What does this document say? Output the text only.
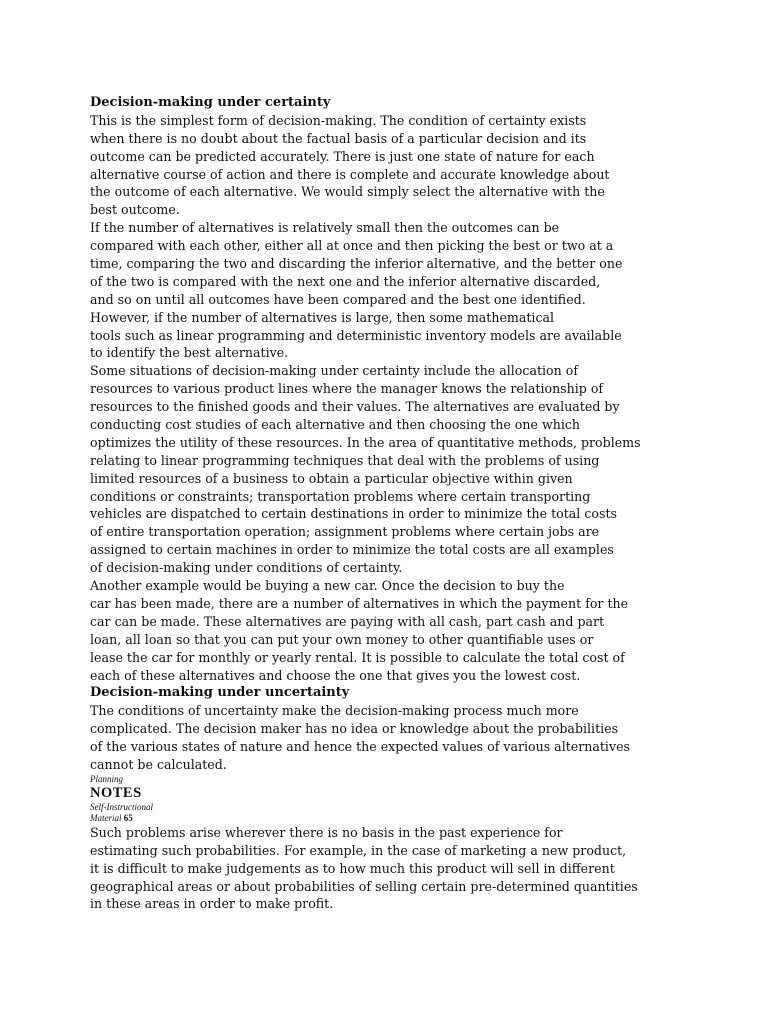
Decision-making under certainty
This is the simplest form of decision-making. The condition of certainty exists
when there is no doubt about the factual basis of a particular decision and its
outcome can be predicted accurately. There is just one state of nature for each
alternative course of action and there is complete and accurate knowledge about
the outcome of each alternative. We would simply select the alternative with the
best outcome.
If the number of alternatives is relatively small then the outcomes can be
compared with each other, either all at once and then picking the best or two at a
time, comparing the two and discarding the inferior alternative, and the better one
of the two is compared with the next one and the inferior alternative discarded,
and so on until all outcomes have been compared and the best one identified.
However, if the number of alternatives is large, then some mathematical
tools such as linear programming and deterministic inventory models are available
to identify the best alternative.
Some situations of decision-making under certainty include the allocation of
resources to various product lines where the manager knows the relationship of
resources to the finished goods and their values. The alternatives are evaluated by
conducting cost studies of each alternative and then choosing the one which
optimizes the utility of these resources. In the area of quantitative methods, problems
relating to linear programming techniques that deal with the problems of using
limited resources of a business to obtain a particular objective within given
conditions or constraints; transportation problems where certain transporting
vehicles are dispatched to certain destinations in order to minimize the total costs
of entire transportation operation; assignment problems where certain jobs are
assigned to certain machines in order to minimize the total costs are all examples
of decision-making under conditions of certainty.
Another example would be buying a new car. Once the decision to buy the
car has been made, there are a number of alternatives in which the payment for the
car can be made. These alternatives are paying with all cash, part cash and part
loan, all loan so that you can put your own money to other quantifiable uses or
lease the car for monthly or yearly rental. It is possible to calculate the total cost of
each of these alternatives and choose the one that gives you the lowest cost.
Decision-making under uncertainty
The conditions of uncertainty make the decision-making process much more
complicated. The decision maker has no idea or knowledge about the probabilities
of the various states of nature and hence the expected values of various alternatives
cannot be calculated.
Planning
NOTES
Self-Instructional
Material 65
Such problems arise wherever there is no basis in the past experience for
estimating such probabilities. For example, in the case of marketing a new product,
it is difficult to make judgements as to how much this product will sell in different
geographical areas or about probabilities of selling certain pre-determined quantities
in these areas in order to make profit.
